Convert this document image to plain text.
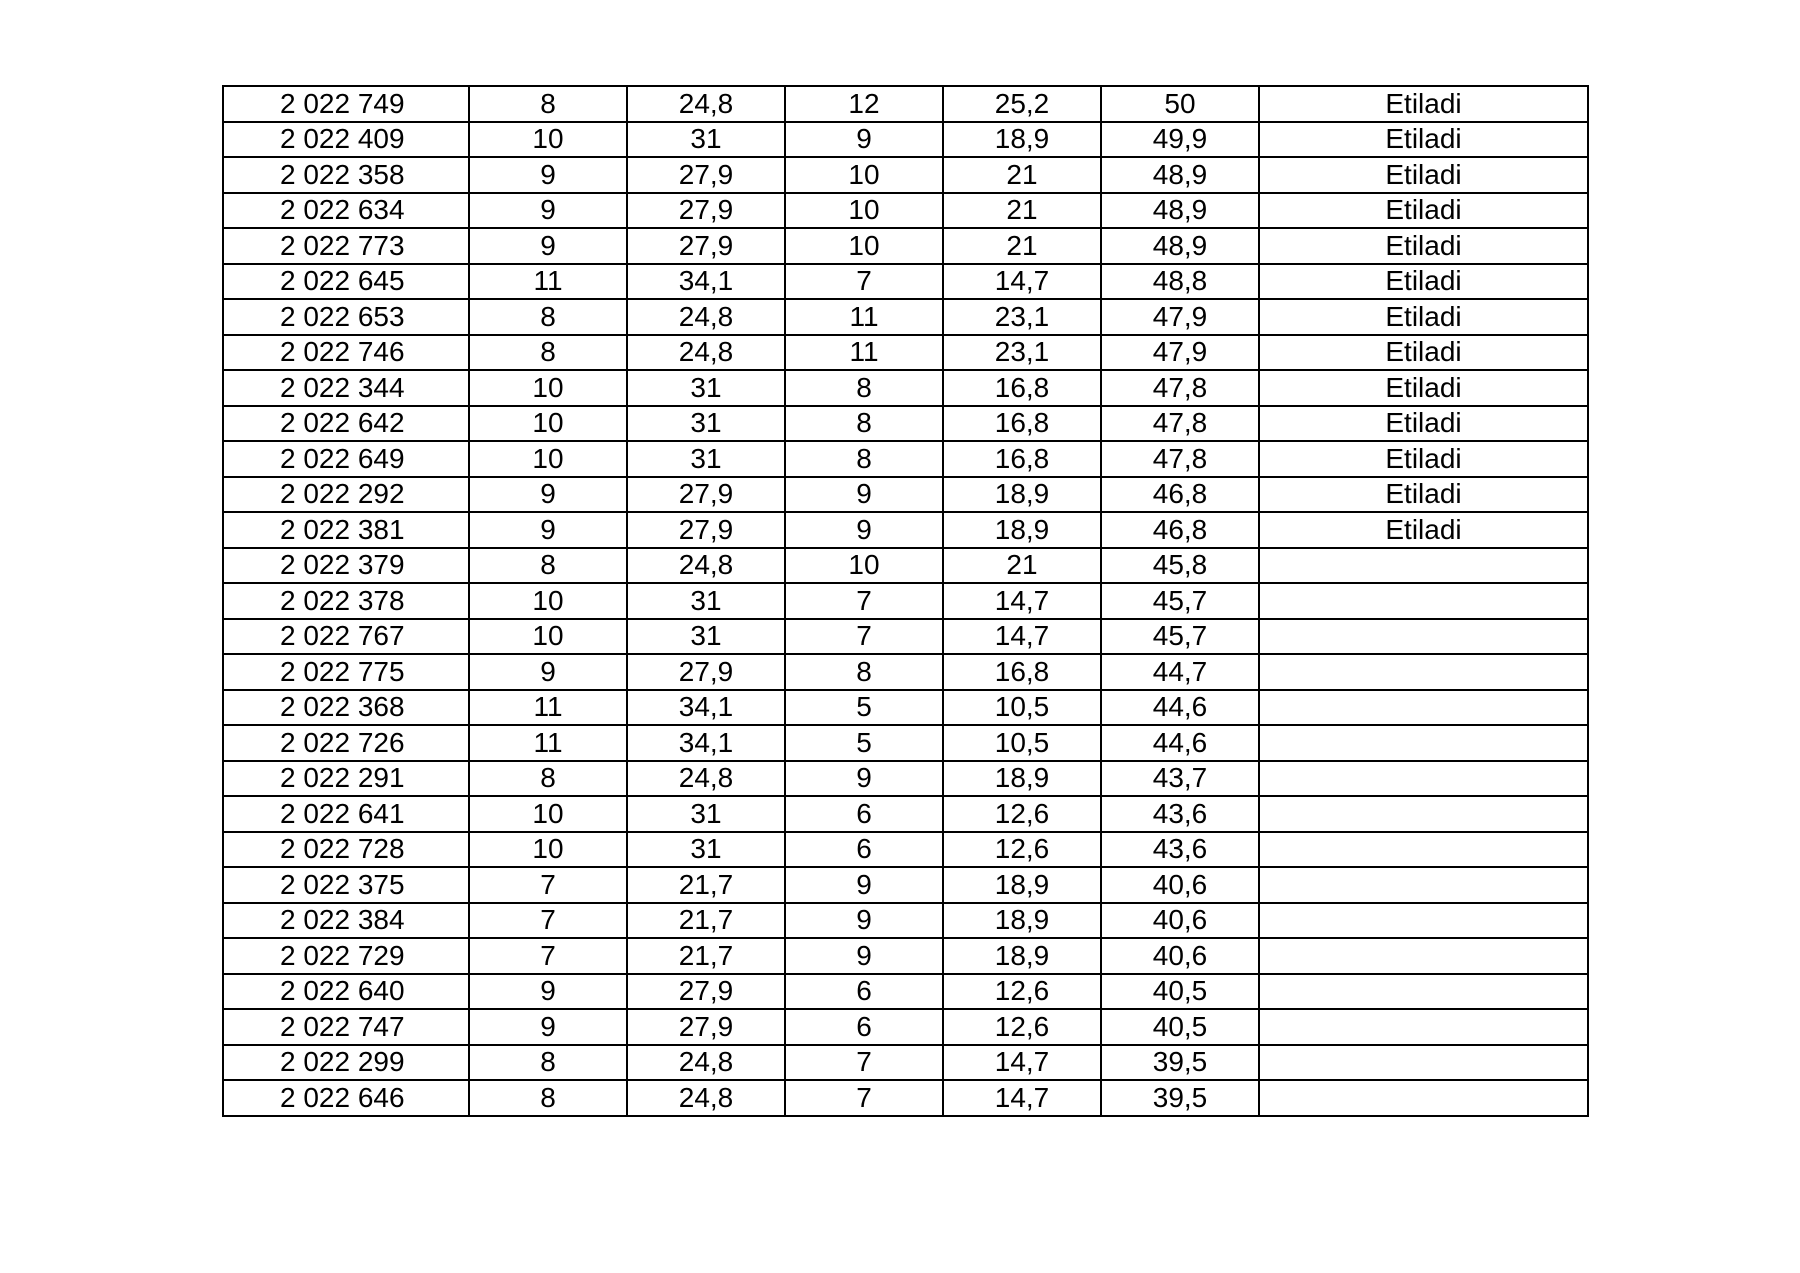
2 022 749	8	24,8	12	25,2	50	Etiladi
2 022 409	10	31	9	18,9	49,9	Etiladi
2 022 358	9	27,9	10	21	48,9	Etiladi
2 022 634	9	27,9	10	21	48,9	Etiladi
2 022 773	9	27,9	10	21	48,9	Etiladi
2 022 645	11	34,1	7	14,7	48,8	Etiladi
2 022 653	8	24,8	11	23,1	47,9	Etiladi
2 022 746	8	24,8	11	23,1	47,9	Etiladi
2 022 344	10	31	8	16,8	47,8	Etiladi
2 022 642	10	31	8	16,8	47,8	Etiladi
2 022 649	10	31	8	16,8	47,8	Etiladi
2 022 292	9	27,9	9	18,9	46,8	Etiladi
2 022 381	9	27,9	9	18,9	46,8	Etiladi
2 022 379	8	24,8	10	21	45,8	
2 022 378	10	31	7	14,7	45,7	
2 022 767	10	31	7	14,7	45,7	
2 022 775	9	27,9	8	16,8	44,7	
2 022 368	11	34,1	5	10,5	44,6	
2 022 726	11	34,1	5	10,5	44,6	
2 022 291	8	24,8	9	18,9	43,7	
2 022 641	10	31	6	12,6	43,6	
2 022 728	10	31	6	12,6	43,6	
2 022 375	7	21,7	9	18,9	40,6	
2 022 384	7	21,7	9	18,9	40,6	
2 022 729	7	21,7	9	18,9	40,6	
2 022 640	9	27,9	6	12,6	40,5	
2 022 747	9	27,9	6	12,6	40,5	
2 022 299	8	24,8	7	14,7	39,5	
2 022 646	8	24,8	7	14,7	39,5	
